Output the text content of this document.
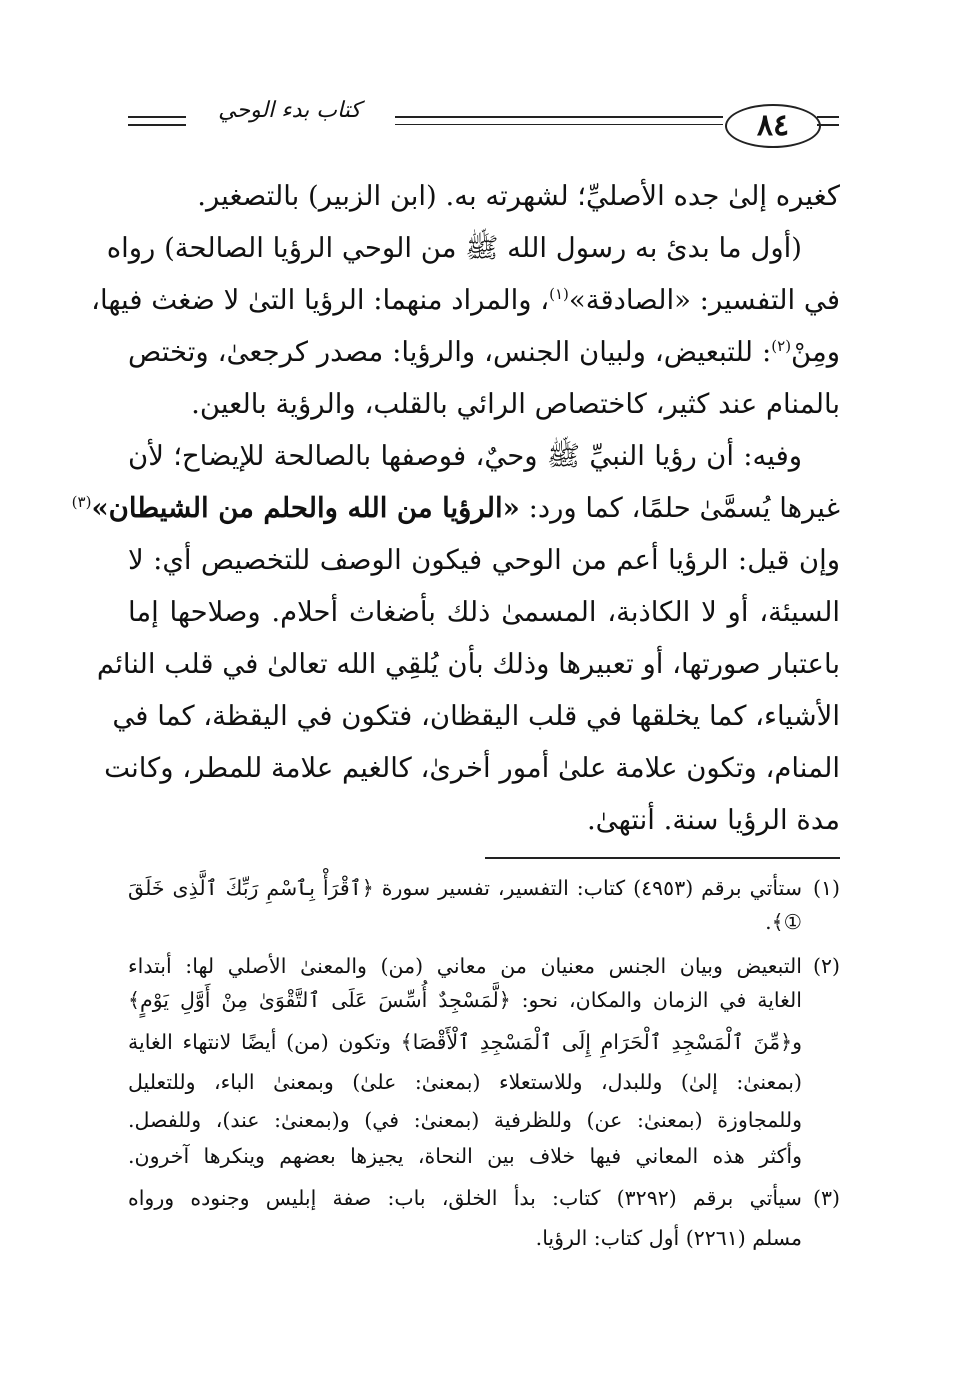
٨٤
كتاب بدء الوحي
كغيره إلىٰ جده الأصليِّ؛ لشهرته به. (ابن الزبير) بالتصغير.
(أول ما بدئ به رسول الله ﷺ من الوحي الرؤيا الصالحة) رواه
في التفسير: «الصادقة»$^{(١)}$، والمراد منهما: الرؤيا التىٰ لا ضغث فيها،
ومِنْ$^{(٢)}$: للتبعيض، ولبيان الجنس، والرؤيا: مصدر كرجعىٰ، وتختص
بالمنام عند كثير، كاختصاص الرائي بالقلب، والرؤية بالعين.
وفيه: أن رؤيا النبيِّ ﷺ وحيٌ، فوصفها بالصالحة للإيضاح؛ لأن
غيرها يُسمَّىٰ حلمًا، كما ورد: «الرؤيا من الله والحلم من الشيطان»$^{(٣)}$
وإن قيل: الرؤيا أعم من الوحي فيكون الوصف للتخصيص أي: لا
السيئة، أو لا الكاذبة، المسمىٰ ذلك بأضغاث أحلام. وصلاحها إما
باعتبار صورتها، أو تعبيرها وذلك بأن يُلقِي الله تعالىٰ في قلب النائم
الأشياء، كما يخلقها في قلب اليقظان، فتكون في اليقظة، كما في
المنام، وتكون علامة علىٰ أمور أخرىٰ، كالغيم علامة للمطر، وكانت
مدة الرؤيا سنة. أنتهىٰ.
(١)
ستأتي برقم (٤٩٥٣) كتاب: التفسير، تفسير سورة ﴿ٱقْرَأْ بِٱسْمِ رَبِّكَ ٱلَّذِى خَلَقَ
①﴾.
(٢)
التبعيض وبيان الجنس معنيان من معاني (من) والمعنىٰ الأصلي لها: أبتداء
الغاية في الزمان والمكان، نحو: ﴿لَّمَسْجِدٌ أُسِّسَ عَلَى ٱلتَّقْوَىٰ مِنْ أَوَّلِ يَوْمٍ﴾
و﴿مِّنَ ٱلْمَسْجِدِ ٱلْحَرَامِ إِلَى ٱلْمَسْجِدِ ٱلْأَقْصَا﴾ وتكون (من) أيضًا لانتهاء الغاية
(بمعنىٰ: إلىٰ) وللبدل، وللاستعلاء (بمعنىٰ: علىٰ) وبمعنىٰ الباء، وللتعليل
وللمجاوزة (بمعنىٰ: عن) وللظرفية (بمعنىٰ: في) و(بمعنىٰ: عند)، وللفصل.
وأكثر هذه المعاني فيها خلاف بين النحاة، يجيزها بعضهم وينكرها آخرون.
(٣)
سيأتي برقم (٣٢٩٢) كتاب: بدأ الخلق، باب: صفة إبليس وجنوده ورواه
مسلم (٢٢٦١) أول كتاب: الرؤيا.
